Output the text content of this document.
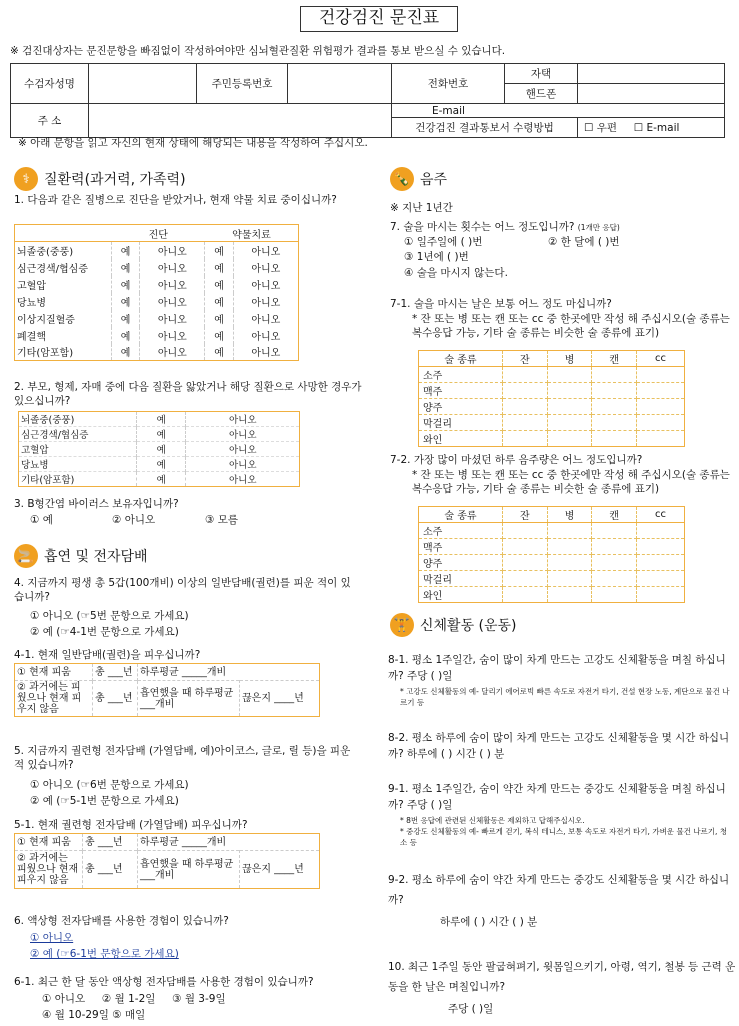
건강검진 문진표
※ 검진대상자는 문진문항을 빠짐없이 작성하여야만 심뇌혈관질환 위험평가 결과를 통보 받으실 수 있습니다.
수검자성명		주민등록번호		전화번호	자택	
					핸드폰	
주 소				E-mail		
				건강검진 결과통보서 수령방법		☐ 우편 ☐ E-mail
※ 아래 문항을 읽고 자신의 현재 상태에 해당되는 내용을 작성하여 주십시오.
⚕	질환력(과거력, 가족력)
1. 다음과 같은 질병으로 진단을 받았거나, 현재 약물 치료 중이십니까?
	진단		약물치료	
뇌졸중(중풍)	예	아니오	예	아니오
심근경색/협심증	예	아니오	예	아니오
고혈압	예	아니오	예	아니오
당뇨병	예	아니오	예	아니오
이상지질혈증	예	아니오	예	아니오
폐결핵	예	아니오	예	아니오
기타(암포함)	예	아니오	예	아니오
2. 부모, 형제, 자매 중에 다음 질환을 앓았거나 해당 질환으로 사망한 경우가 있으십니까?
뇌졸중(중풍)	예	아니오
심근경색/협심증	예	아니오
고혈압	예	아니오
당뇨병	예	아니오
기타(암포함)	예	아니오
3. B형간염 바이러스 보유자입니까?
① 예	② 아니오	③ 모름
🚬 흡연 및 전자담배
4. 지금까지 평생 총 5갑(100개비) 이상의 일반담배(궐련)를 피운 적이 있습니까?
① 아니오 (☞5번 문항으로 가세요)
② 예 (☞4-1번 문항으로 가세요)
4-1. 현재 일반담배(궐련)을 피우십니까?
① 현재 피움	총 ___년	하루평균 _____개비	
② 과거에는 피웠으나 현재 피우지 않음	총 ___년	흡연했을 때 하루평균 ___개비	끊은지 ____년
5. 지금까지 궐련형 전자담배 (가열담배, 예)아이코스, 글로, 릴 등)을 피운적 있습니까?
① 아니오 (☞6번 문항으로 가세요)
② 예 (☞5-1번 문항으로 가세요)
5-1. 현재 궐련형 전자담배 (가열담배) 피우십니까?
① 현재 피움	총 ___년	하루평균 _____개비	
② 과거에는 피웠으나 현재 피우지 않음	총 ___년	흡연했을 때 하루평균 ___개비	끊은지 ____년
6. 액상형 전자담배를 사용한 경험이 있습니까?
① 아니오
② 예 (☞6-1번 문항으로 가세요)
6-1. 최근 한 달 동안 액상형 전자담배를 사용한 경험이 있습니까?
① 아니오     ② 월 1-2일     ③ 월 3-9일
④ 월 10-29일 ⑤ 매일
🍾 음주
※ 지난 1년간
7. 술을 마시는 횟수는 어느 정도입니까? (1개만 응답)
① 일주일에 ( )번	② 한 달에 ( )번
③ 1년에 ( )번
④ 술을 마시지 않는다.
7-1. 술을 마시는 날은 보통 어느 정도 마십니까?
* 잔 또는 병 또는 캔 또는 cc 중 한곳에만 작성 해 주십시오(술 종류는 복수응답 가능, 기타 술 종류는 비슷한 술 종류에 표기)
술 종류	잔	병	캔	cc
소주				
맥주				
양주				
막걸리				
와인				
7-2. 가장 많이 마셨던 하루 음주량은 어느 정도입니까?
* 잔 또는 병 또는 캔 또는 cc 중 한곳에만 작성 해 주십시오(술 종류는 복수응답 가능, 기타 술 종류는 비슷한 술 종류에 표기)
술 종류	잔	병	캔	cc
소주				
맥주				
양주				
막걸리				
와인				
🏋 신체활동 (운동)
8-1. 평소 1주일간, 숨이 많이 차게 만드는 고강도 신체활동을 며칠 하십니까? 주당 ( )일
* 고강도 신체활동의 예- 달리기 에어로빅 빠른 속도로 자전거 타기, 건설 현장 노동, 계단으로 물건 나르기 등
8-2. 평소 하루에 숨이 많이 차게 만드는 고강도 신체활동을 몇 시간 하십니까? 하루에 ( ) 시간 ( ) 분
9-1. 평소 1주일간, 숨이 약간 차게 만드는 중강도 신체활동을 며칠 하십니까? 주당 ( )일
* 8번 응답에 관련된 신체활동은 제외하고 답해주십시오.
* 중강도 신체활동의 예- 빠르게 걷기, 복식 테니스, 보통 속도로 자전거 타기, 가벼운 물건 나르기, 청소 등
9-2. 평소 하루에 숨이 약간 차게 만드는 중강도 신체활동을 몇 시간 하십니까?
하루에 ( ) 시간 ( ) 분
10. 최근 1주일 동안 팔굽혀펴기, 윗몸일으키기, 아령, 역기, 철봉 등 근력 운동을 한 날은 며칠입니까?
주당 ( )일
